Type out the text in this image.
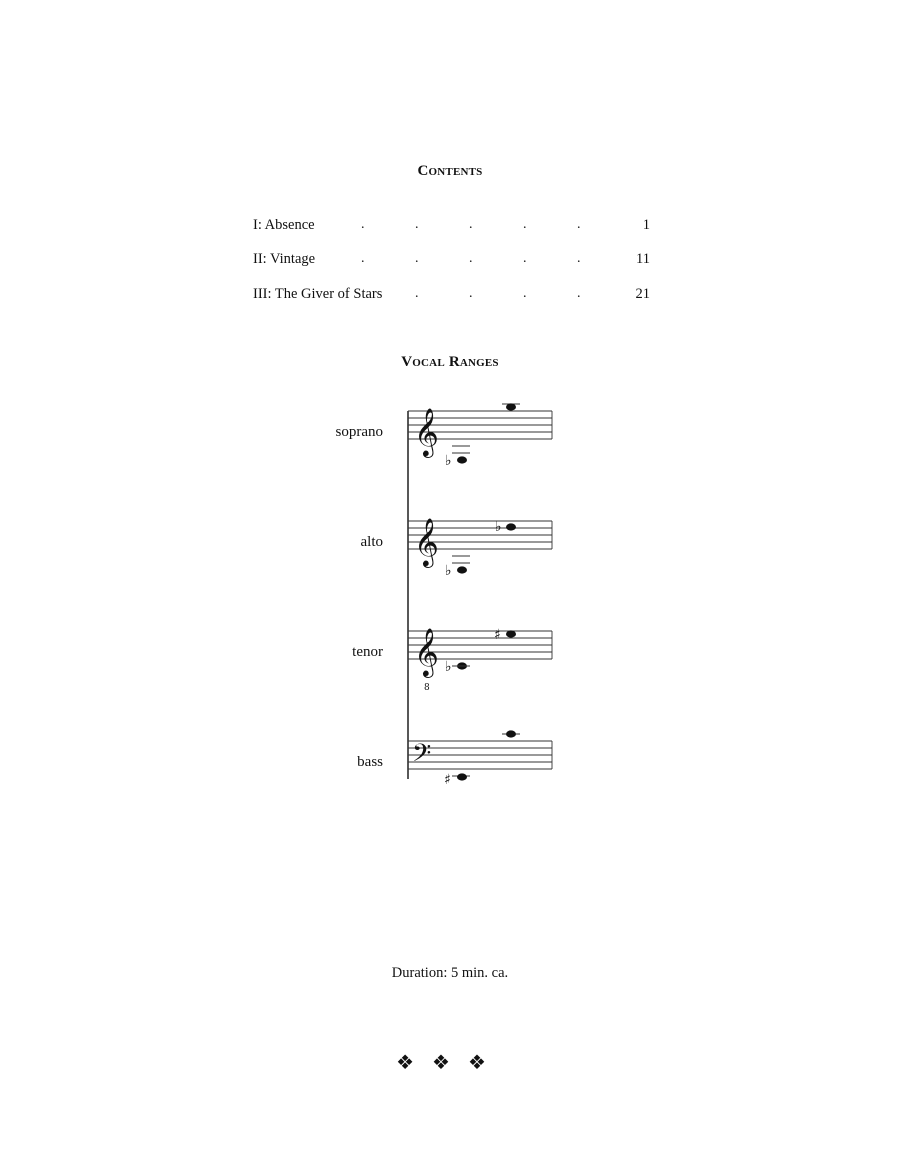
Contents
I: Absence	.	.	.	.	.	1
II: Vintage	.	.	.	.	.	11
III: The Giver of Stars .	.	.	.	21
Vocal Ranges
soprano
alto
tenor
bass
𝄞
♭
𝄞
♭
♭
𝄞
8
♭
♯
𝄢
♯
Duration: 5 min. ca.
❖❖❖
